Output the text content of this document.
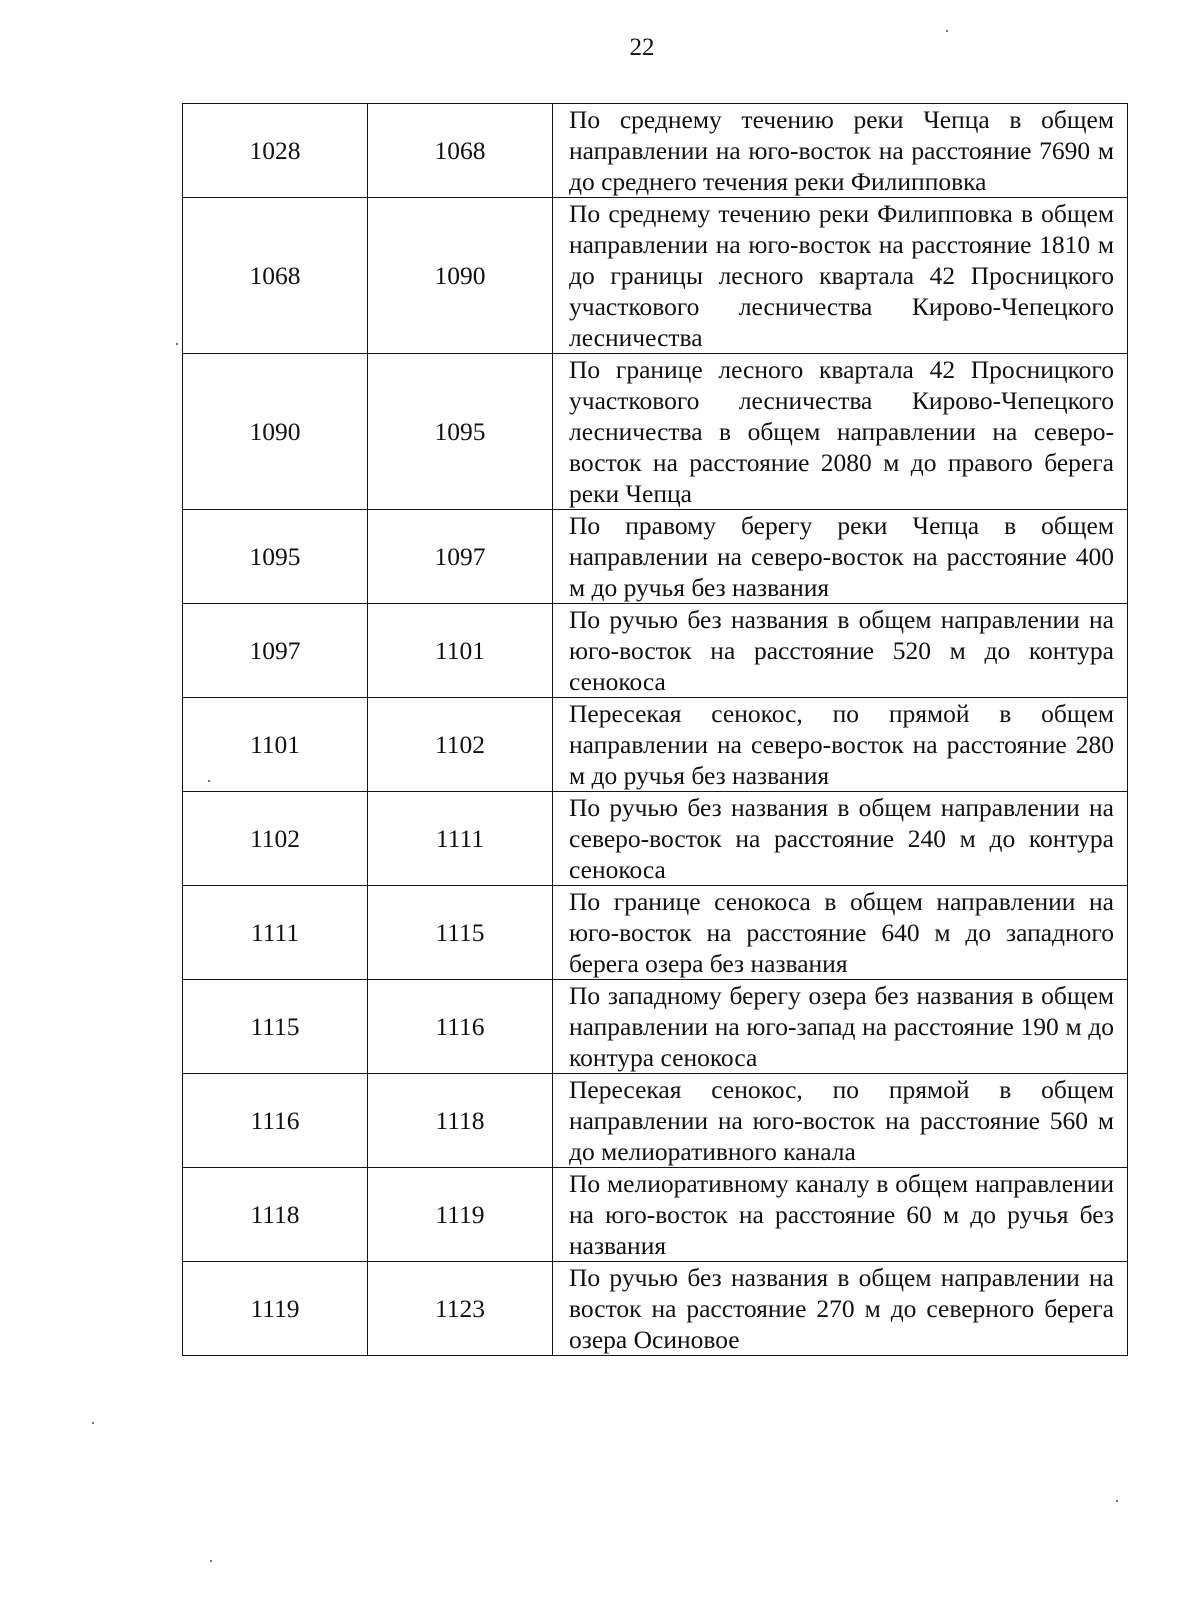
22
1028	1068	По среднему течению реки Чепца в общем направлении на юго-восток на расстояние 7690 м до среднего течения реки Филипповка

1068	1090	По среднему течению реки Филипповка в общем направлении на юго-восток на расстояние 1810 м до границы лесного квартала 42 Просницкого участкового лесничества Кирово-Чепецкого лесничества

1090	1095	По границе лесного квартала 42 Просницкого участкового лесничества Кирово-Чепецкого лесничества в общем направлении на северо-восток на расстояние 2080 м до правого берега реки Чепца

1095	1097	По правому берегу реки Чепца в общем направлении на северо-восток на расстояние 400 м до ручья без названия

1097	1101	По ручью без названия в общем направлении на юго-восток на расстояние 520 м до контура сенокоса

1101	1102	Пересекая сенокос, по прямой в общем направлении на северо-восток на расстояние 280 м до ручья без названия

1102	1111	По ручью без названия в общем направлении на северо-восток на расстояние 240 м до контура сенокоса

1111	1115	По границе сенокоса в общем направлении на юго-восток на расстояние 640 м до западного берега озера без названия

1115	1116	По западному берегу озера без названия в общем направлении на юго-запад на расстояние 190 м до контура сенокоса

1116	1118	Пересекая сенокос, по прямой в общем направлении на юго-восток на расстояние 560 м до мелиоративного канала

1118	1119	По мелиоративному каналу в общем направлении на юго-восток на расстояние 60 м до ручья без названия

1119	1123	По ручью без названия в общем направлении на восток на расстояние 270 м до северного берега озера Осиновое
